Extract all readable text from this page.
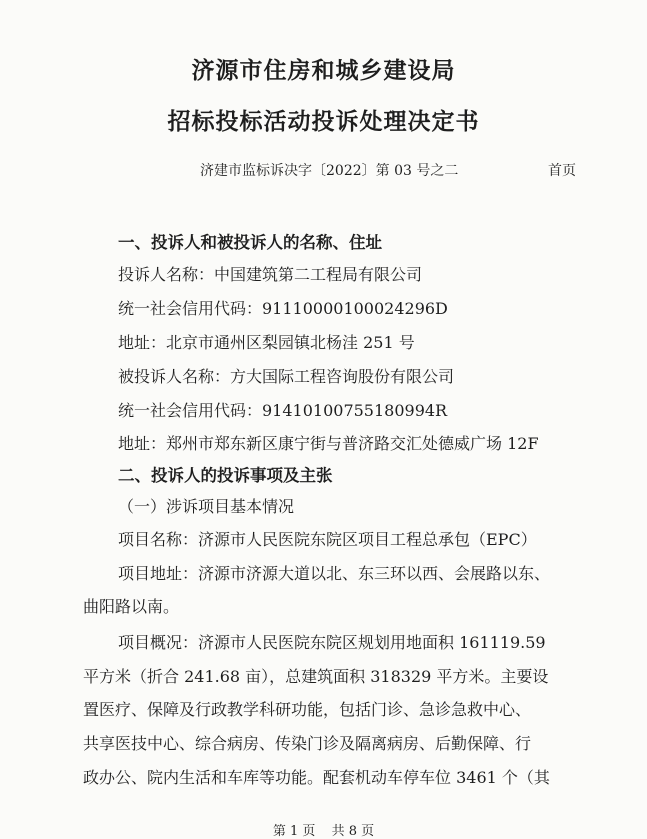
济源市住房和城乡建设局
招标投标活动投诉处理决定书
济建市监标诉决字〔2022〕第 03 号之二	首页
一、投诉人和被投诉人的名称、住址
投诉人名称：中国建筑第二工程局有限公司
统一社会信用代码：91110000100024296D
地址：北京市通州区梨园镇北杨洼 251 号
被投诉人名称：方大国际工程咨询股份有限公司
统一社会信用代码：91410100755180994R
地址：郑州市郑东新区康宁街与普济路交汇处德威广场 12F
二、投诉人的投诉事项及主张
（一）涉诉项目基本情况
项目名称：济源市人民医院东院区项目工程总承包（EPC）
项目地址：济源市济源大道以北、东三环以西、会展路以东、
曲阳路以南。
项目概况：济源市人民医院东院区规划用地面积 161119.59
平方米（折合 241.68 亩），总建筑面积 318329 平方米。主要设
置医疗、保障及行政教学科研功能，包括门诊、急诊急救中心、
共享医技中心、综合病房、传染门诊及隔离病房、后勤保障、行
政办公、院内生活和车库等功能。配套机动车停车位 3461 个（其
第 1 页 共 8 页
